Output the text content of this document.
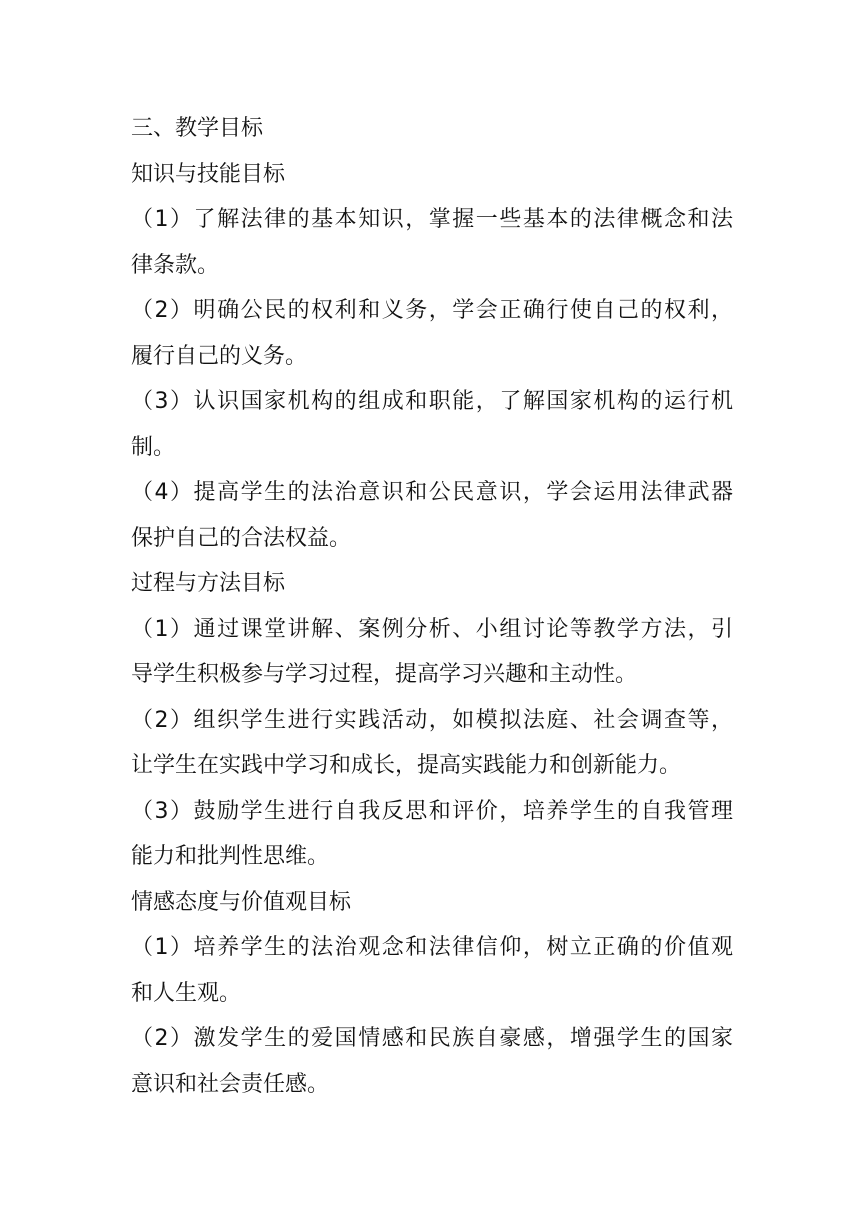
三、教学目标
知识与技能目标
（1）了解法律的基本知识，掌握一些基本的法律概念和法
律条款。
（2）明确公民的权利和义务，学会正确行使自己的权利，
履行自己的义务。
（3）认识国家机构的组成和职能，了解国家机构的运行机
制。
（4）提高学生的法治意识和公民意识，学会运用法律武器
保护自己的合法权益。
过程与方法目标
（1）通过课堂讲解、案例分析、小组讨论等教学方法，引
导学生积极参与学习过程，提高学习兴趣和主动性。
（2）组织学生进行实践活动，如模拟法庭、社会调查等，
让学生在实践中学习和成长，提高实践能力和创新能力。
（3）鼓励学生进行自我反思和评价，培养学生的自我管理
能力和批判性思维。
情感态度与价值观目标
（1）培养学生的法治观念和法律信仰，树立正确的价值观
和人生观。
（2）激发学生的爱国情感和民族自豪感，增强学生的国家
意识和社会责任感。
